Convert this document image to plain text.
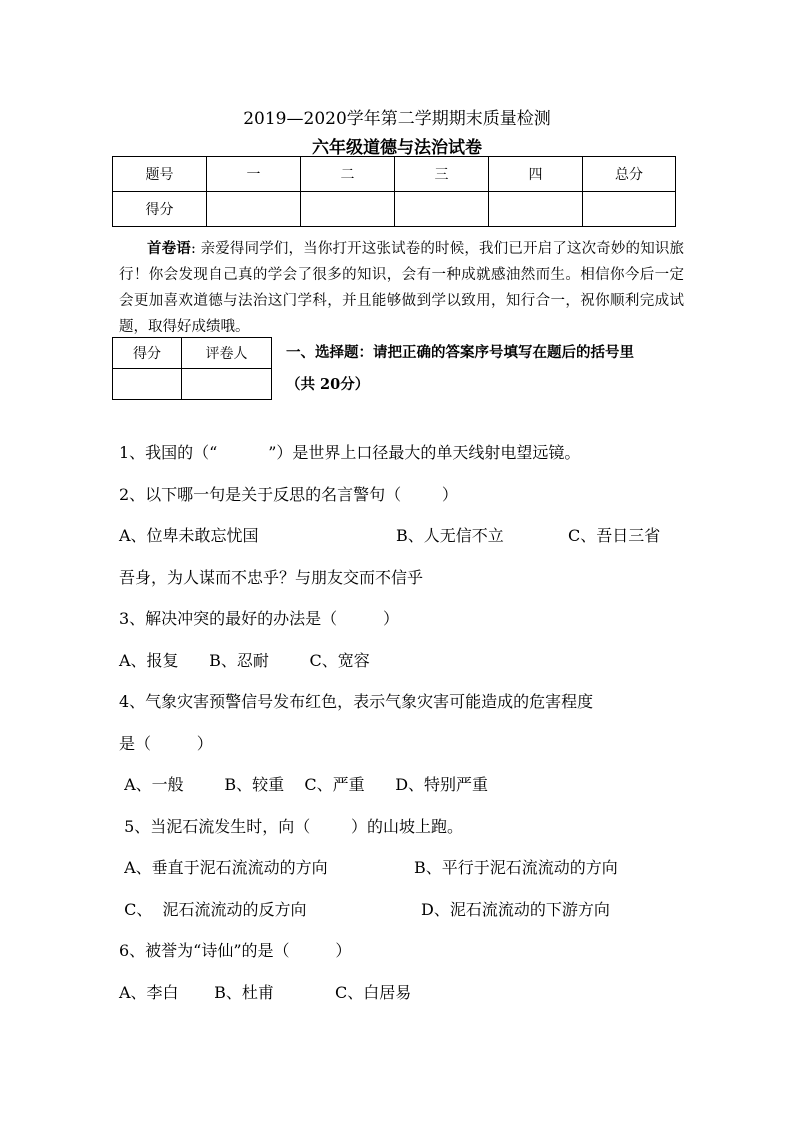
2019—2020学年第二学期期末质量检测
六年级道德与法治试卷
题号	一	二	三	四	总分
得分					
首卷语: 亲爱得同学们，当你打开这张试卷的时候，我们已开启了这次奇妙的知识旅行！你会发现自己真的学会了很多的知识，会有一种成就感油然而生。相信你今后一定会更加喜欢道德与法治这门学科，并且能够做到学以致用，知行合一，祝你顺利完成试题，取得好成绩哦。
得分	评卷人
		一、选择题：请把正确的答案序号填写在题后的括号里
（共 20分）
1、我国的（“          ”）是世界上口径最大的单天线射电望远镜。
2、以下哪一句是关于反思的名言警句（        ）
A、位卑未敢忘忧国	B、人无信不立	C、吾日三省
吾身，为人谋而不忠乎？与朋友交而不信乎
3、解决冲突的最好的办法是（         ）
A、报复      B、忍耐        C、宽容
4、气象灾害预警信号发布红色，表示气象灾害可能造成的危害程度
是（         ）
A、一般        B、较重    C、严重      D、特别严重
5、当泥石流发生时，向（        ）的山坡上跑。
A、垂直于泥石流流动的方向	B、平行于泥石流流动的方向
C、  泥石流流动的反方向	D、泥石流流动的下游方向
6、被誉为“诗仙”的是（         ）
A、李白       B、杜甫            C、白居易
